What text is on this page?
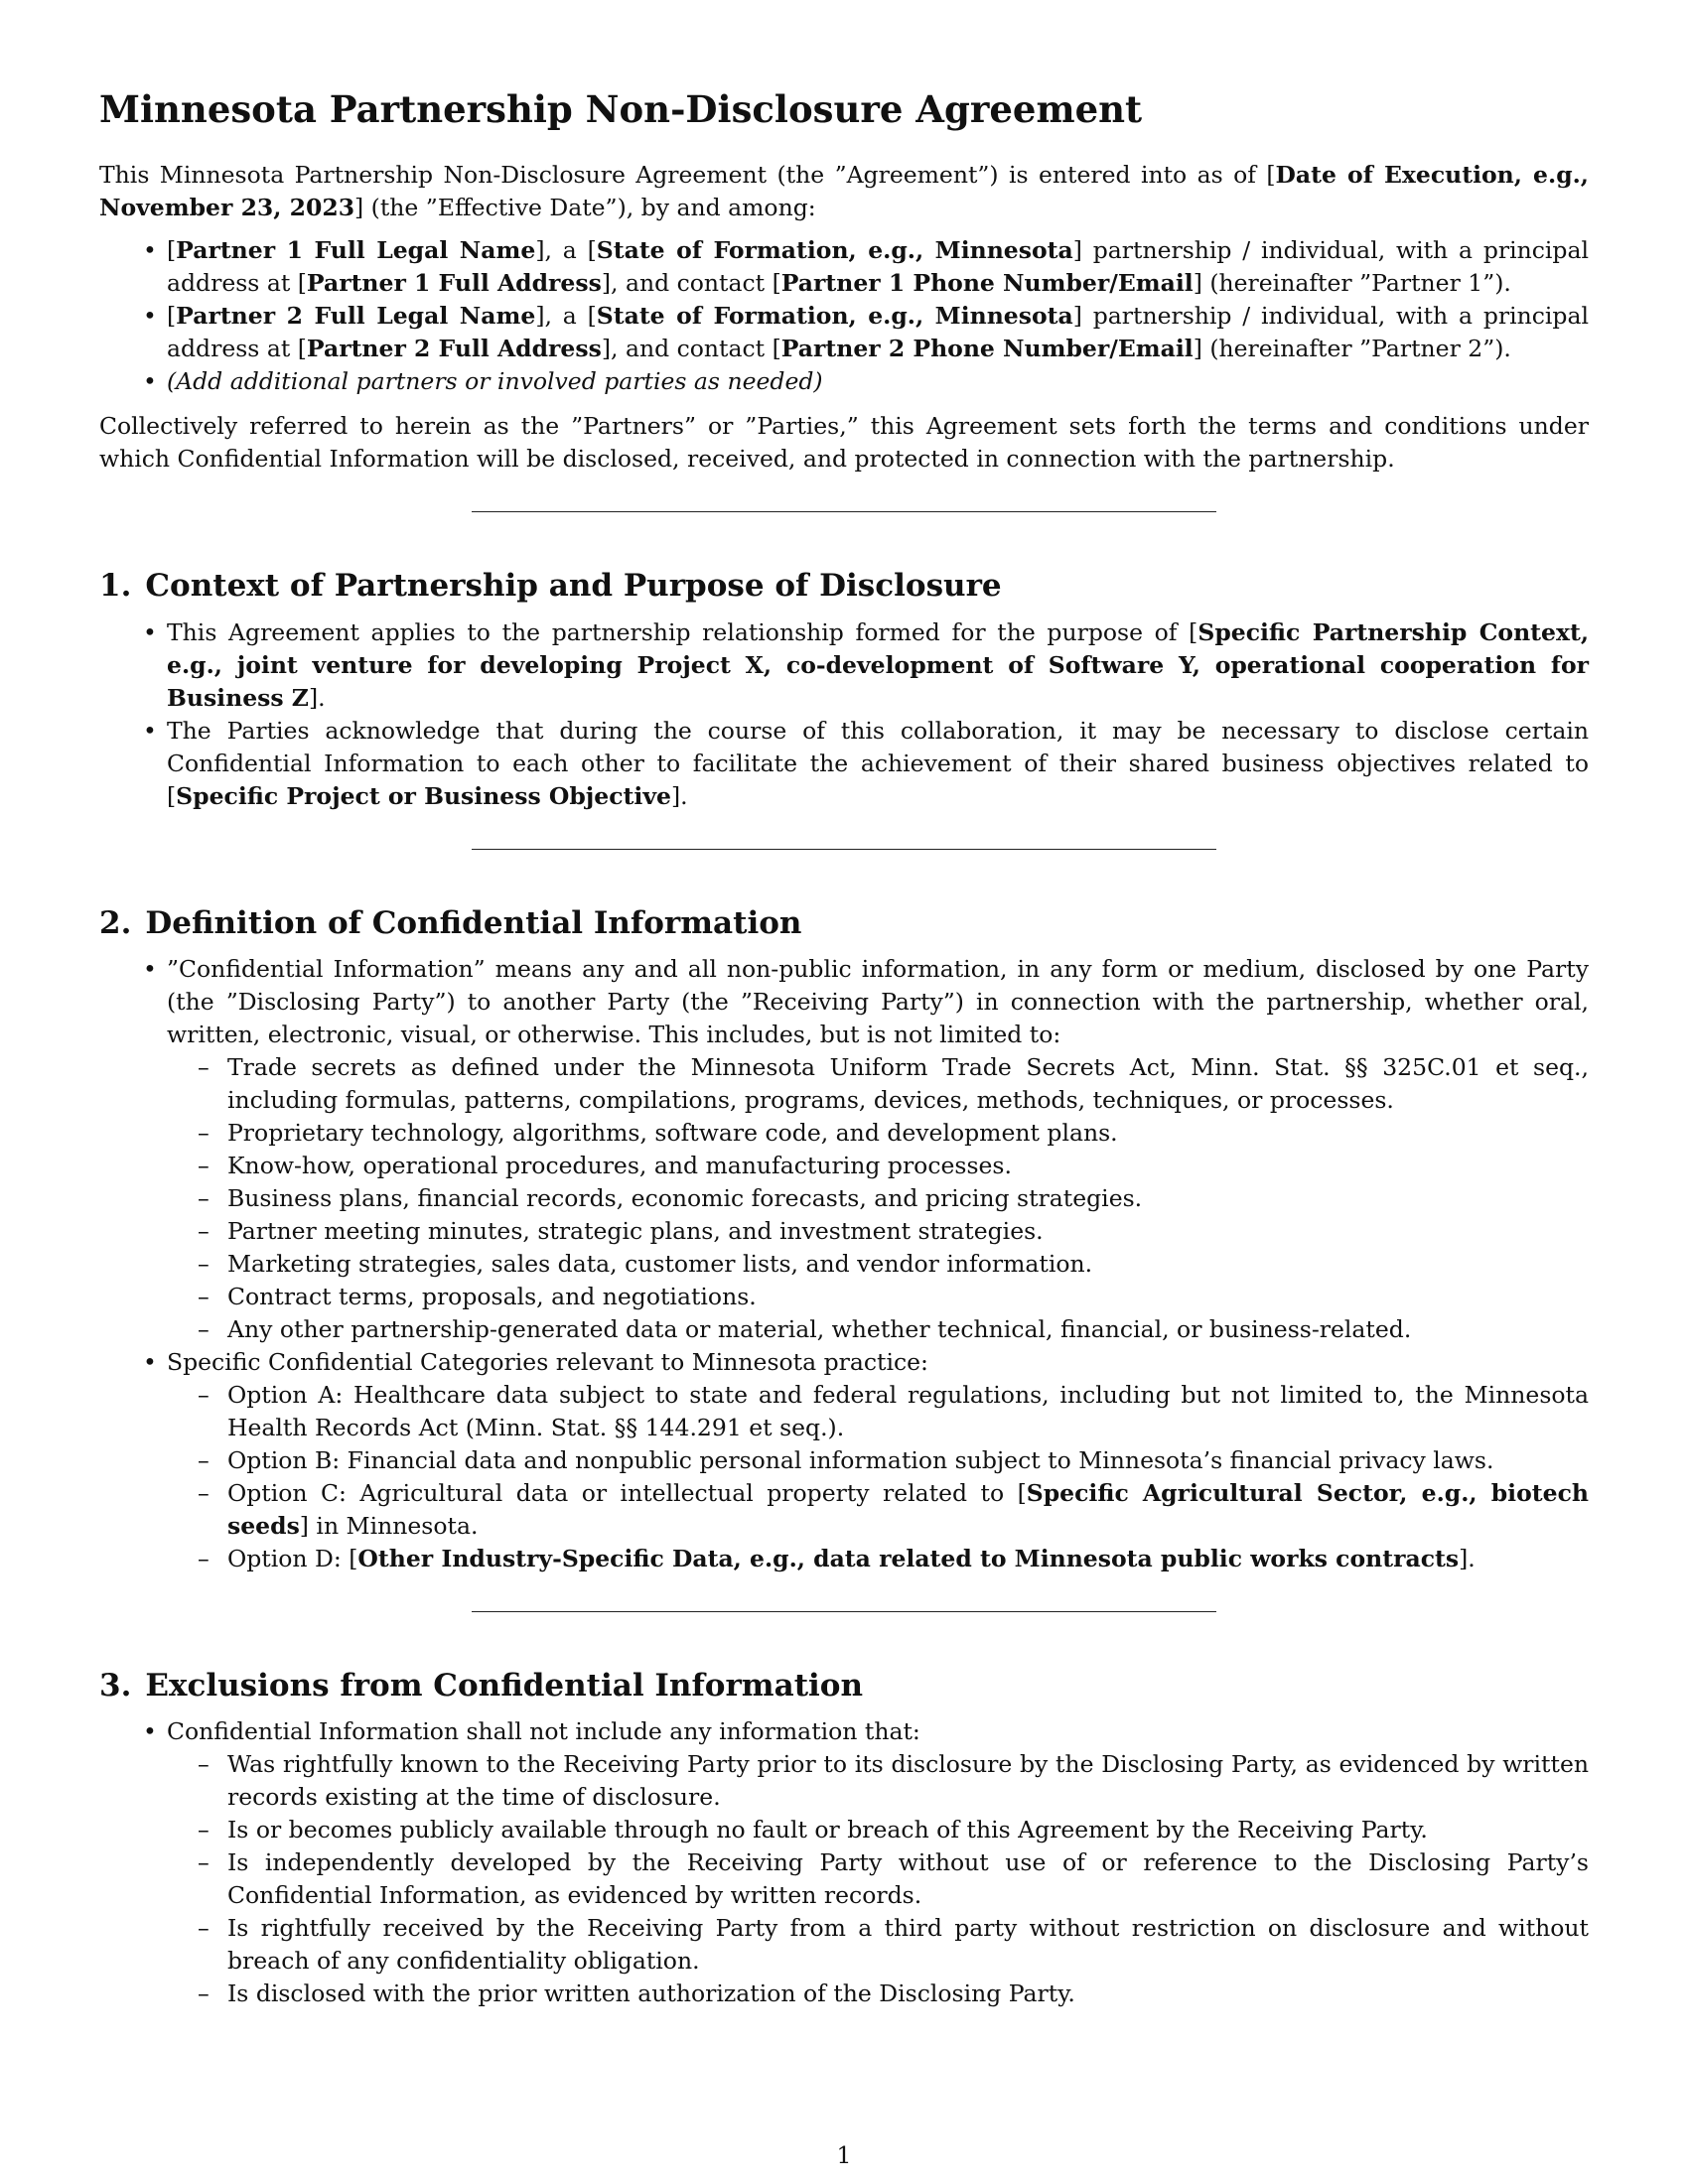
Minnesota Partnership Non-Disclosure Agreement

This Minnesota Partnership Non-Disclosure Agreement (the ”Agreement”) is entered into as of [Date of Execution, e.g., November 23, 2023] (the ”Effective Date”), by and among:

• [Partner 1 Full Legal Name], a [State of Formation, e.g., Minnesota] partnership / individual, with a principal address at [Partner 1 Full Address], and contact [Partner 1 Phone Number/Email] (hereinafter ”Partner 1”).
• [Partner 2 Full Legal Name], a [State of Formation, e.g., Minnesota] partnership / individual, with a principal address at [Partner 2 Full Address], and contact [Partner 2 Phone Number/Email] (hereinafter ”Partner 2”).
• (Add additional partners or involved parties as needed)

Collectively referred to herein as the ”Partners” or ”Parties,” this Agreement sets forth the terms and conditions under which Confidential Information will be disclosed, received, and protected in connection with the partnership.

1. Context of Partnership and Purpose of Disclosure
• This Agreement applies to the partnership relationship formed for the purpose of [Specific Partnership Context, e.g., joint venture for developing Project X, co-development of Software Y, operational cooperation for Business Z].
• The Parties acknowledge that during the course of this collaboration, it may be necessary to disclose certain Confidential Information to each other to facilitate the achievement of their shared business objectives related to [Specific Project or Business Objective].
2. Definition of Confidential Information
• ”Confidential Information” means any and all non-public information, in any form or medium, disclosed by one Party (the ”Disclosing Party”) to another Party (the ”Receiving Party”) in connection with the partnership, whether oral, written, electronic, visual, or otherwise. This includes, but is not limited to:
– Trade secrets as defined under the Minnesota Uniform Trade Secrets Act, Minn. Stat. §§ 325C.01 et seq., including formulas, patterns, compilations, programs, devices, methods, techniques, or processes.
– Proprietary technology, algorithms, software code, and development plans.
– Know-how, operational procedures, and manufacturing processes.
– Business plans, financial records, economic forecasts, and pricing strategies.
– Partner meeting minutes, strategic plans, and investment strategies.
– Marketing strategies, sales data, customer lists, and vendor information.
– Contract terms, proposals, and negotiations.
– Any other partnership-generated data or material, whether technical, financial, or business-related.
• Specific Confidential Categories relevant to Minnesota practice:
– Option A: Healthcare data subject to state and federal regulations, including but not limited to, the Minnesota Health Records Act (Minn. Stat. §§ 144.291 et seq.).
– Option B: Financial data and nonpublic personal information subject to Minnesota’s financial privacy laws.
– Option C: Agricultural data or intellectual property related to [Specific Agricultural Sector, e.g., biotech seeds] in Minnesota.
– Option D: [Other Industry-Specific Data, e.g., data related to Minnesota public works contracts].
3. Exclusions from Confidential Information
• Confidential Information shall not include any information that:
– Was rightfully known to the Receiving Party prior to its disclosure by the Disclosing Party, as evidenced by written records existing at the time of disclosure.
– Is or becomes publicly available through no fault or breach of this Agreement by the Receiving Party.
– Is independently developed by the Receiving Party without use of or reference to the Disclosing Party’s Confidential Information, as evidenced by written records.
– Is rightfully received by the Receiving Party from a third party without restriction on disclosure and without breach of any confidentiality obligation.
– Is disclosed with the prior written authorization of the Disclosing Party.
1
